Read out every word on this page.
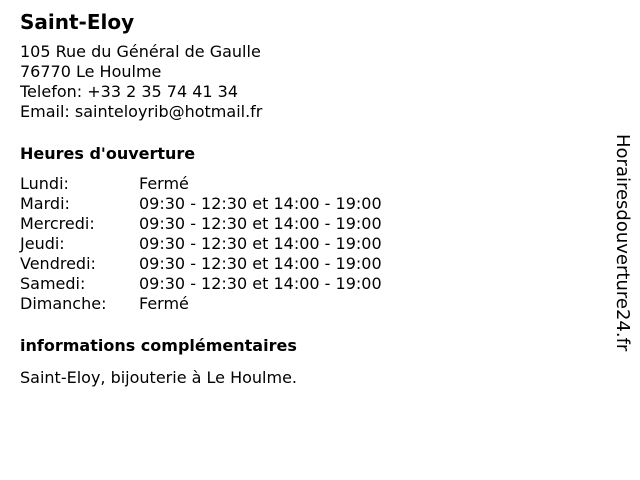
Saint-Eloy
105 Rue du Général de Gaulle
76770 Le Houlme
Telefon: +33 2 35 74 41 34
Email: sainteloyrib@hotmail.fr
Heures d'ouverture
Lundi:	Fermé
Mardi:	09:30 - 12:30 et 14:00 - 19:00
Mercredi:	09:30 - 12:30 et 14:00 - 19:00
Jeudi:	09:30 - 12:30 et 14:00 - 19:00
Vendredi:	09:30 - 12:30 et 14:00 - 19:00
Samedi:	09:30 - 12:30 et 14:00 - 19:00
Dimanche:	Fermé
informations complémentaires
Saint-Eloy, bijouterie à Le Houlme.
Horairesdouverture24.fr
